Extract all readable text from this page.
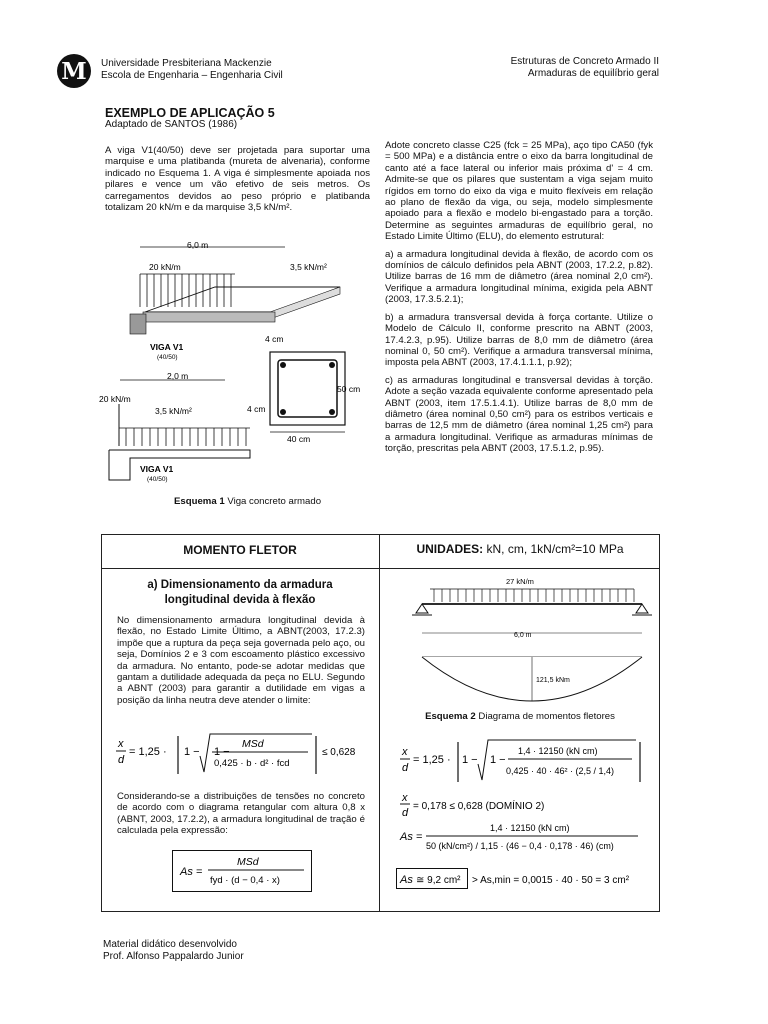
M Universidade Presbiteriana Mackenzie
Escola de Engenharia – Engenharia Civil
Estruturas de Concreto Armado II
Armaduras de equilíbrio geral
EXEMPLO DE APLICAÇÃO 5
Adaptado de SANTOS (1986)

A viga V1(40/50) deve ser projetada para suportar uma marquise e uma platibanda (mureta de alvenaria), conforme indicado no Esquema 1. A viga é simplesmente apoiada nos pilares e vence um vão efetivo de seis metros. Os carregamentos devidos ao peso próprio e platibanda totalizam 20 kN/m e da marquise 3,5 kN/m².

Adote concreto classe C25 (fck = 25 MPa), aço tipo CA50 (fyk = 500 MPa) e a distância entre o eixo da barra longitudinal de canto até a face lateral ou inferior mais próxima d' = 4 cm. Admite-se que os pilares que sustentam a viga sejam muito rígidos em torno do eixo da viga e muito flexíveis em relação ao plano de flexão da viga, ou seja, modelo simplesmente apoiado para a flexão e modelo bi-engastado para a torção. Determine as seguintes armaduras de equilíbrio geral, no Estado Limite Último (ELU), do elemento estrutural:

a) a armadura longitudinal devida à flexão, de acordo com os domínios de cálculo definidos pela ABNT (2003, 17.2.2, p.82). Utilize barras de 16 mm de diâmetro (área nominal 2,0 cm²). Verifique a armadura longitudinal mínima, exigida pela ABNT (2003, 17.3.5.2.1);

b) a armadura transversal devida à força cortante. Utilize o Modelo de Cálculo II, conforme prescrito na ABNT (2003, 17.4.2.3, p.95). Utilize barras de 8,0 mm de diâmetro (área nominal 0, 50 cm²). Verifique a armadura transversal mínima, imposta pela ABNT (2003, 17.4.1.1.1, p.92);

c) as armaduras longitudinal e transversal devidas à torção. Adote a seção vazada equivalente conforme apresentado pela ABNT (2003, item 17.5.1.4.1). Utilize barras de 8,0 mm de diâmetro (área nominal 0,50 cm²) para os estribos verticais e barras de 12,5 mm de diâmetro (área nominal 1,25 cm²) para a armadura longitudinal. Verifique as armaduras mínimas de torção, prescritas pela ABNT (2003, 17.5.1.2, p.95).

6,0 m
20 kN/m	3,5 kN/m²
VIGA V1
(40/50)
2,0 m
20 kN/m
3,5 kN/m²
VIGA V1
(40/50)
4 cm
50 cm
4 cm
40 cm
Esquema 1 Viga concreto armado
MOMENTO FLETOR	UNIDADES: kN, cm, 1kN/cm²=10 MPa
a) Dimensionamento da armadura
longitudinal devida à flexão
No dimensionamento armadura longitudinal devida à flexão, no Estado Limite Último, a ABNT(2003, 17.2.3) impõe que a ruptura da peça seja governada pelo aço, ou seja, Domínios 2 e 3 com escoamento plástico excessivo da armadura. No entanto, pode-se adotar medidas que gantam a dutilidade adequada da peça no ELU. Segundo a ABNT (2003) para garantir a dutilidade em vigas a posição da linha neutra deve atender o limite:
x
d
= 1,25 · 1 − 1 −
MSd
0,425 · b · d² · fcd
≤ 0,628
Considerando-se a distribuições de tensões no concreto de acordo com o diagrama retangular com altura 0,8 x (ABNT, 2003, 17.2.2), a armadura longitudinal de tração é calculada pela expressão:
As =
MSd
fyd · (d − 0,4 · x)
27 kN/m
6,0 m
121,5 kNm
Esquema 2 Diagrama de momentos fletores
x
d
= 1,25 · 1 − 1 −
1,4 · 12150 (kN cm)
0,425 · 40 · 46² · (2,5 / 1,4)
x
d
= 0,178 ≤ 0,628 (DOMÍNIO 2)
As =
1,4 · 12150 (kN cm)
50 (kN/cm²) / 1,15 · (46 − 0,4 · 0,178 · 46) (cm)
As ≅ 9,2 cm² > As,min = 0,0015 · 40 · 50 = 3 cm²
Material didático desenvolvido
Prof. Alfonso Pappalardo Junior
